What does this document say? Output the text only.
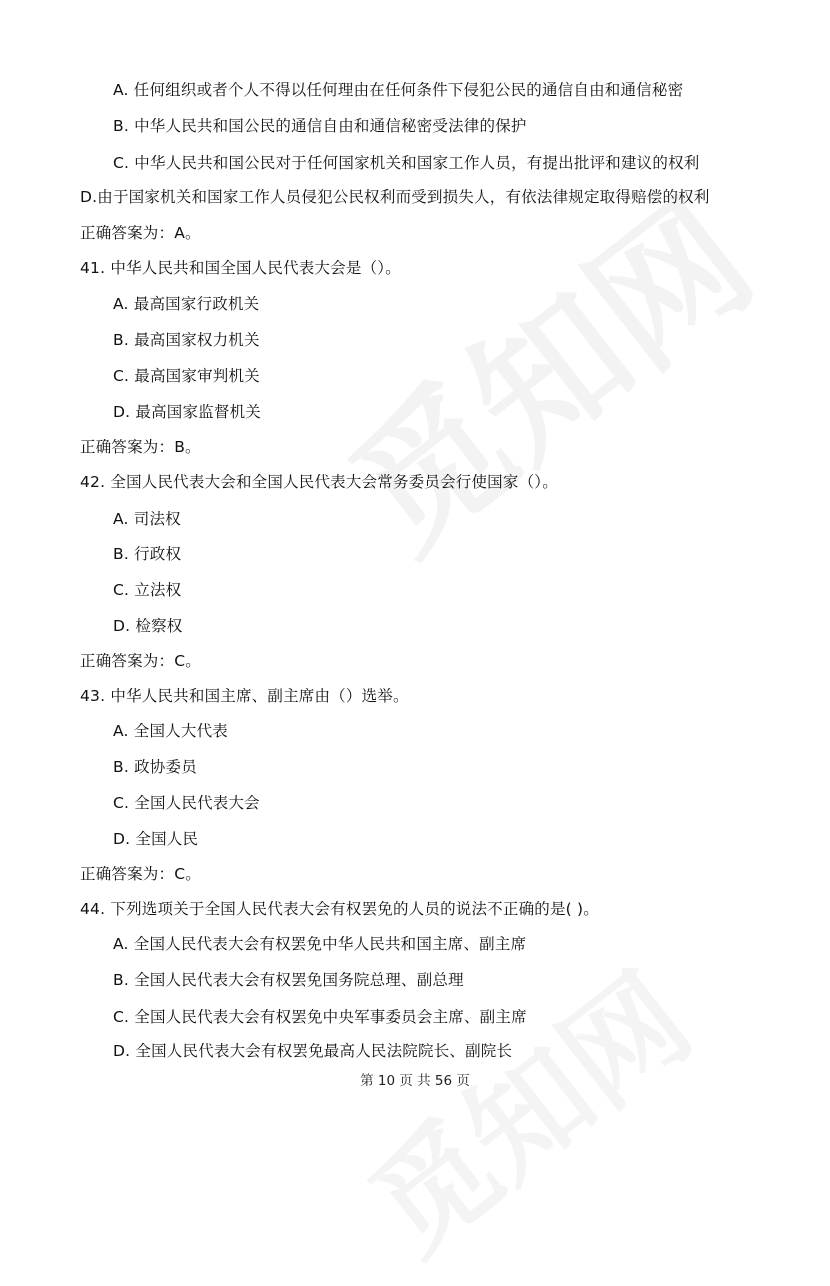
A. 任何组织或者个人不得以任何理由在任何条件下侵犯公民的通信自由和通信秘密
B. 中华人民共和国公民的通信自由和通信秘密受法律的保护
C. 中华人民共和国公民对于任何国家机关和国家工作人员，有提出批评和建议的权利
D.由于国家机关和国家工作人员侵犯公民权利而受到损失人，有依法律规定取得赔偿的权利
正确答案为：A。
41. 中华人民共和国全国人民代表大会是（）。
A. 最高国家行政机关
B. 最高国家权力机关
C. 最高国家审判机关
D. 最高国家监督机关
正确答案为：B。
42. 全国人民代表大会和全国人民代表大会常务委员会行使国家（）。
A. 司法权
B. 行政权
C. 立法权
D. 检察权
正确答案为：C。
43. 中华人民共和国主席、副主席由（）选举。
A. 全国人大代表
B. 政协委员
C. 全国人民代表大会
D. 全国人民
正确答案为：C。
44. 下列选项关于全国人民代表大会有权罢免的人员的说法不正确的是( )。
A. 全国人民代表大会有权罢免中华人民共和国主席、副主席
B. 全国人民代表大会有权罢免国务院总理、副总理
C. 全国人民代表大会有权罢免中央军事委员会主席、副主席
D. 全国人民代表大会有权罢免最高人民法院院长、副院长
第 10 页 共 56 页
